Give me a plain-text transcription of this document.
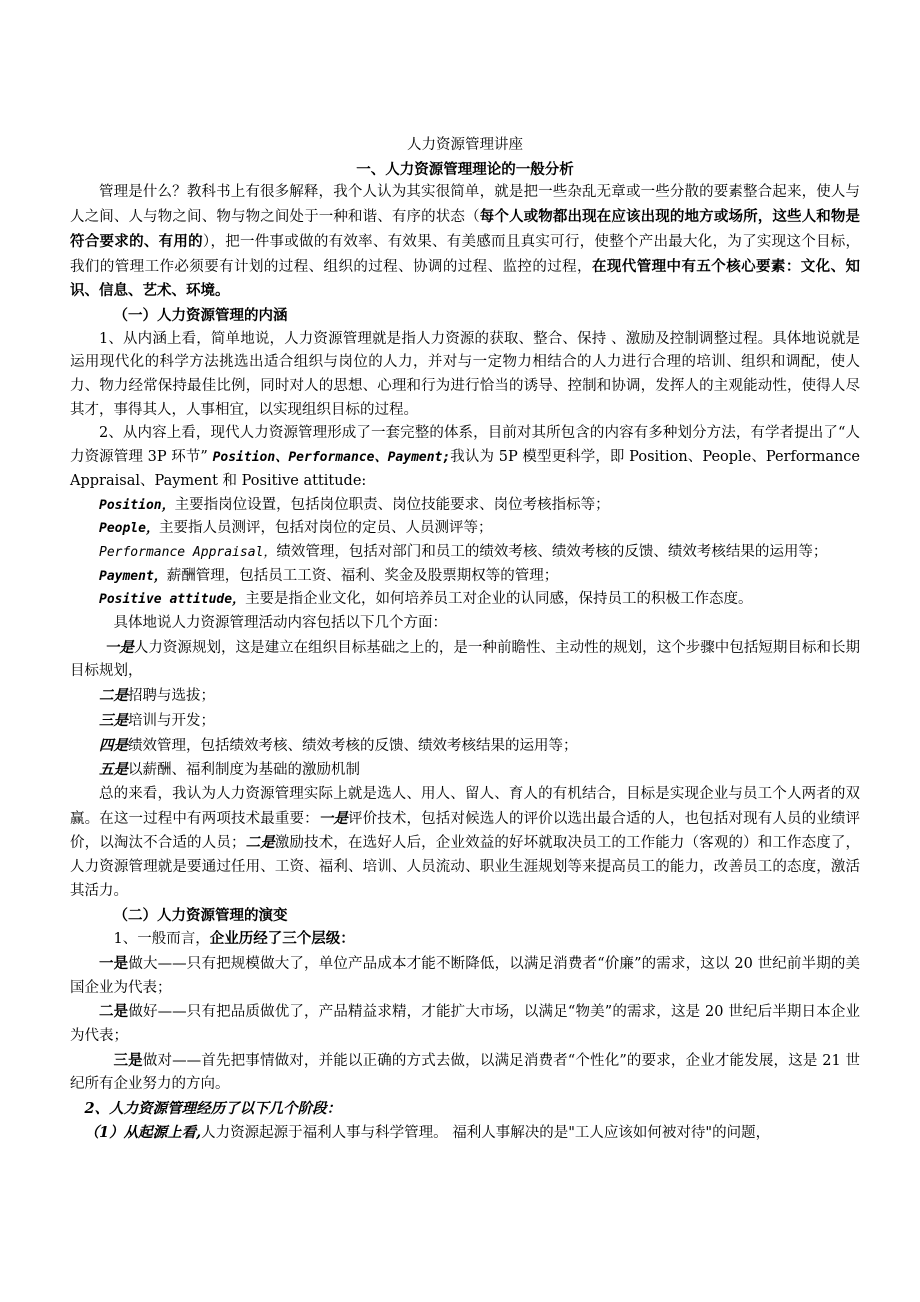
人力资源管理讲座

一、人力资源管理理论的一般分析

管理是什么？教科书上有很多解释，我个人认为其实很简单，就是把一些杂乱无章或一些分散的要素整合起来，使人与人之间、人与物之间、物与物之间处于一种和谐、有序的状态（每个人或物都出现在应该出现的地方或场所，这些人和物是符合要求的、有用的），把一件事或做的有效率、有效果、有美感而且真实可行，使整个产出最大化，为了实现这个目标，我们的管理工作必须要有计划的过程、组织的过程、协调的过程、监控的过程，在现代管理中有五个核心要素：文化、知识、信息、艺术、环境。

（一）人力资源管理的内涵

1、从内涵上看，简单地说，人力资源管理就是指人力资源的获取、整合、保持 、激励及控制调整过程。具体地说就是运用现代化的科学方法挑选出适合组织与岗位的人力，并对与一定物力相结合的人力进行合理的培训、组织和调配，使人力、物力经常保持最佳比例，同时对人的思想、心理和行为进行恰当的诱导、控制和协调，发挥人的主观能动性，使得人尽其才，事得其人，人事相宜，以实现组织目标的过程。

2、从内容上看，现代人力资源管理形成了一套完整的体系，目前对其所包含的内容有多种划分方法，有学者提出了“人力资源管理 3P 环节” Position、Performance、Payment;我认为 5P 模型更科学，即 Position、People、Performance Appraisal、Payment 和 Positive attitude:

Position，主要指岗位设置，包括岗位职责、岗位技能要求、岗位考核指标等；

People，主要指人员测评，包括对岗位的定员、人员测评等；

Performance Appraisal，绩效管理，包括对部门和员工的绩效考核、绩效考核的反馈、绩效考核结果的运用等；

Payment，薪酬管理，包括员工工资、福利、奖金及股票期权等的管理；

Positive attitude，主要是指企业文化，如何培养员工对企业的认同感，保持员工的积极工作态度。

具体地说人力资源管理活动内容包括以下几个方面：

一是人力资源规划，这是建立在组织目标基础之上的，是一种前瞻性、主动性的规划，这个步骤中包括短期目标和长期目标规划，

二是招聘与选拔；

三是培训与开发；

四是绩效管理，包括绩效考核、绩效考核的反馈、绩效考核结果的运用等；

五是以薪酬、福利制度为基础的激励机制

总的来看，我认为人力资源管理实际上就是选人、用人、留人、育人的有机结合，目标是实现企业与员工个人两者的双赢。在这一过程中有两项技术最重要：一是评价技术，包括对候选人的评价以选出最合适的人，也包括对现有人员的业绩评价，以淘汰不合适的人员；二是激励技术，在选好人后，企业效益的好坏就取决员工的工作能力（客观的）和工作态度了，人力资源管理就是要通过任用、工资、福利、培训、人员流动、职业生涯规划等来提高员工的能力，改善员工的态度，激活其活力。

（二）人力资源管理的演变

1、一般而言，企业历经了三个层级：

一是做大——只有把规模做大了，单位产品成本才能不断降低，以满足消费者“价廉”的需求，这以 20 世纪前半期的美国企业为代表；

二是做好——只有把品质做优了，产品精益求精，才能扩大市场，以满足“物美”的需求，这是 20 世纪后半期日本企业为代表；

三是做对——首先把事情做对，并能以正确的方式去做，以满足消费者“个性化”的要求，企业才能发展，这是 21 世纪所有企业努力的方向。

2、人力资源管理经历了以下几个阶段：

（1）从起源上看,人力资源起源于福利人事与科学管理。 福利人事解决的是"工人应该如何被对待"的问题，
